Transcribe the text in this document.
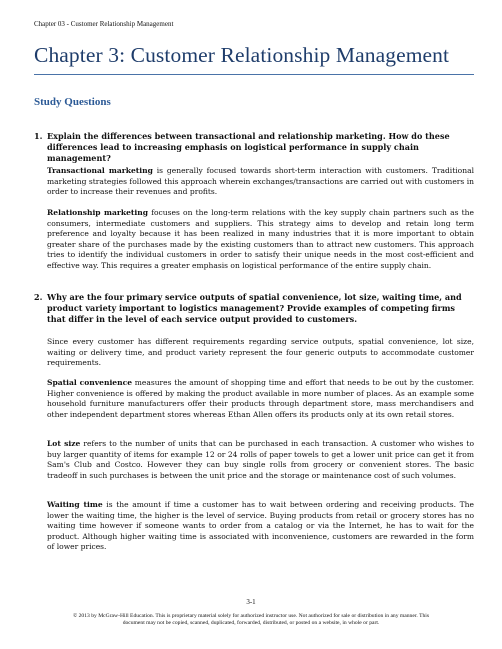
Chapter 03 - Customer Relationship Management
Chapter 3: Customer Relationship Management
Study Questions
1. Explain the differences between transactional and relationship marketing. How do these differences lead to increasing emphasis on logistical performance in supply chain management?

Transactional marketing is generally focused towards short-term interaction with customers. Traditional marketing strategies followed this approach wherein exchanges/transactions are carried out with customers in order to increase their revenues and profits.

Relationship marketing focuses on the long-term relations with the key supply chain partners such as the consumers, intermediate customers and suppliers. This strategy aims to develop and retain long term preference and loyalty because it has been realized in many industries that it is more important to obtain greater share of the purchases made by the existing customers than to attract new customers. This approach tries to identify the individual customers in order to satisfy their unique needs in the most cost-efficient and effective way. This requires a greater emphasis on logistical performance of the entire supply chain.

2. Why are the four primary service outputs of spatial convenience, lot size, waiting time, and product variety important to logistics management? Provide examples of competing firms that differ in the level of each service output provided to customers.

Since every customer has different requirements regarding service outputs, spatial convenience, lot size, waiting or delivery time, and product variety represent the four generic outputs to accommodate customer requirements.

Spatial convenience measures the amount of shopping time and effort that needs to be out by the customer. Higher convenience is offered by making the product available in more number of places. As an example some household furniture manufacturers offer their products through department store, mass merchandisers and other independent department stores whereas Ethan Allen offers its products only at its own retail stores.

Lot size refers to the number of units that can be purchased in each transaction. A customer who wishes to buy larger quantity of items for example 12 or 24 rolls of paper towels to get a lower unit price can get it from Sam's Club and Costco. However they can buy single rolls from grocery or convenient stores. The basic tradeoff in such purchases is between the unit price and the storage or maintenance cost of such volumes.

Waiting time is the amount if time a customer has to wait between ordering and receiving products. The lower the waiting time, the higher is the level of service. Buying products from retail or grocery stores has no waiting time however if someone wants to order from a catalog or via the Internet, he has to wait for the product. Although higher waiting time is associated with inconvenience, customers are rewarded in the form of lower prices.

3-1
© 2013 by McGraw-Hill Education. This is proprietary material solely for authorized instructor use. Not authorized for sale or distribution in any manner. This
document may not be copied, scanned, duplicated, forwarded, distributed, or posted on a website, in whole or part.
